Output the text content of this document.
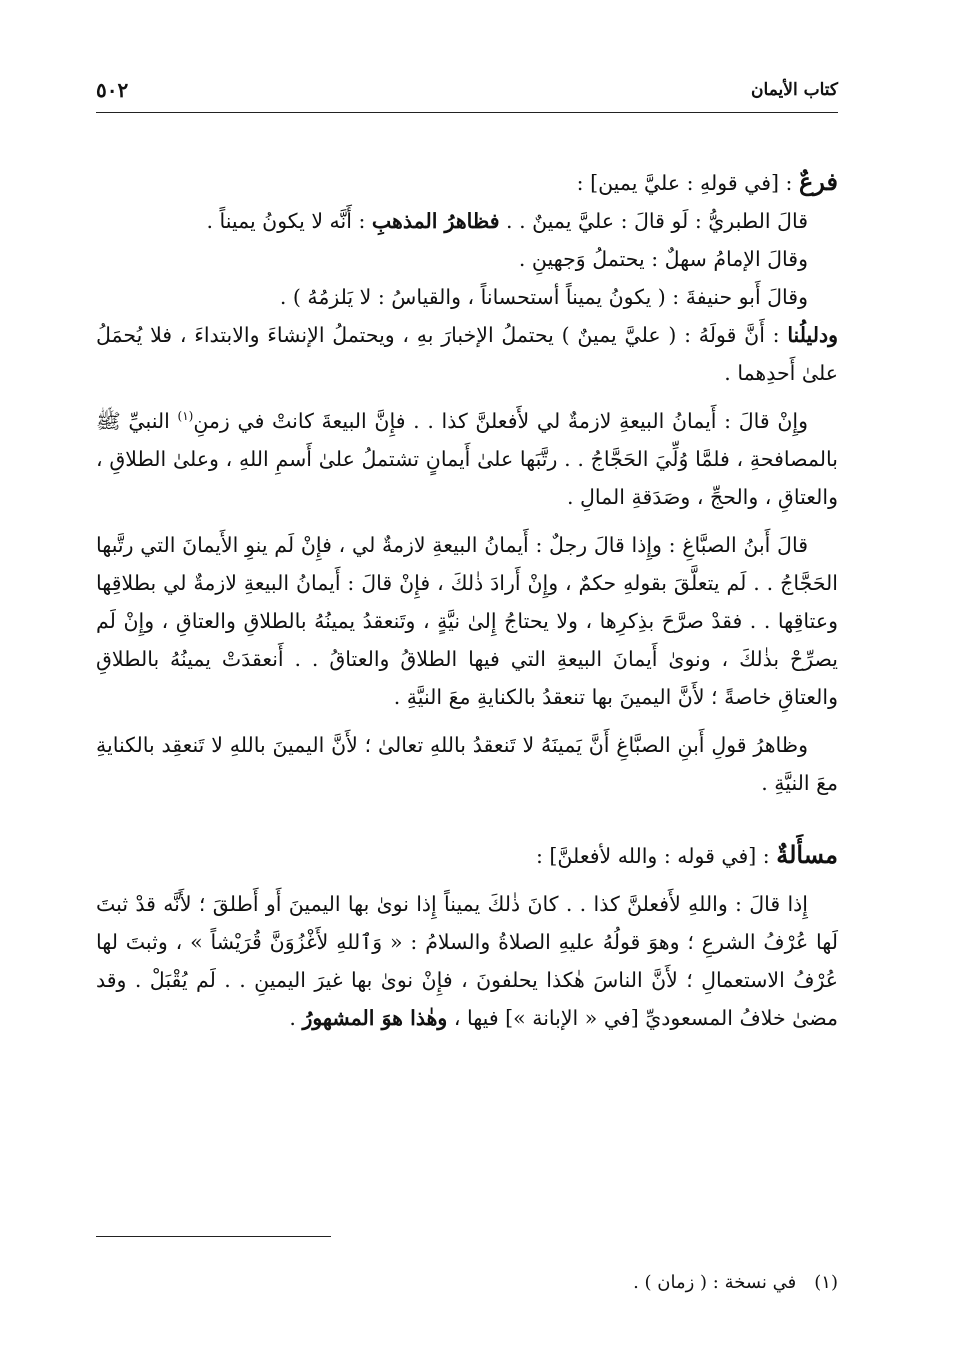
٥٠٢	كتاب الأيمان

فرعٌ : [في قولهِ : عليَّ يمين] :

قالَ الطبريُّ : لَو قالَ : عليَّ يمينٌ . . فظاهرُ المذهبِ : أَنَّه لا يكونُ يميناً .

وقالَ الإمامُ سهلٌ : يحتملُ وَجهينِ .

وقالَ أَبو حنيفةَ : ( يكونُ يميناً أستحساناً ، والقياسُ : لا يَلزمُهُ ) .

ودليلُنا : أَنَّ قولَهُ : ( عليَّ يمينٌ ) يحتملُ الإخبارَ بهِ ، ويحتملُ الإنشاءَ والابتداءَ ، فلا يُحمَلُ علىٰ أَحدِهما .

وإِنْ قالَ : أَيمانُ البيعةِ لازمةٌ لي لأَفعلنَّ كذا . . فإِنَّ البيعةَ كانتْ في زمنِ$^{(١)}$ النبيِّ ﷺ بالمصافحةِ ، فلمَّا وُلِّيَ الحَجَّاجُ . . رتَّبَها علىٰ أَيمانٍ تشتملُ علىٰ أَسمِ اللهِ ، وعلىٰ الطلاقِ ، والعتاقِ ، والحجِّ ، وصَدَقةِ المالِ .

قالَ أَبنُ الصبَّاغِ : وإِذا قالَ رجلٌ : أَيمانُ البيعةِ لازمةٌ لي ، فإِنْ لَم ينوِ الأَيمانَ التي رتَّبها الحَجَّاجُ . . لَم يتعلَّقَ بقولهِ حكمٌ ، وإِنْ أَرادَ ذٰلكَ ، فإِنْ قالَ : أَيمانُ البيعةِ لازمةٌ لي بطلاقِها وعتاقِها . . فقدْ صرَّحَ بذِكرِها ، ولا يحتاجُ إِلىٰ نيَّةٍ ، وتَنعقدُ يمينُهُ بالطلاقِ والعتاقِ ، وإِنْ لَم يصرِّحْ بذٰلكَ ، ونوىٰ أَيمانَ البيعةِ التي فيها الطلاقُ والعتاقُ . . أَنعقدَتْ يمينُهُ بالطلاقِ والعتاقِ خاصةً ؛ لأَنَّ اليمينَ بها تنعقدُ بالكنايةِ معَ النيَّةِ .

وظاهرُ قولِ أَبنِ الصبَّاغِ أَنَّ يَمينَهُ لا تَنعقدُ باللهِ تعالىٰ ؛ لأَنَّ اليمينَ باللهِ لا تَنعقِد بالكنايةِ معَ النيَّةِ .

مسأَلةٌ : [في قوله : والله لأفعلنَّ] :

إِذا قالَ : واللهِ لأَفعلنَّ كذا . . كانَ ذٰلكَ يميناً إِذا نوىٰ بها اليمينَ أَو أَطلقَ ؛ لأَنَّه قدْ ثبتَ لَها عُرْفُ الشرعِ ؛ وهوَ قولُهُ عليهِ الصلاةُ والسلامُ : « وَٱللهِ لأَغْزُوَنَّ قُرَيْشاً » ، وثبتَ لها عُرْفُ الاستعمالِ ؛ لأَنَّ الناسَ هٰكذا يحلفونَ ، فإِنْ نوىٰ بها غيرَ اليمينِ . . لَم يُقْبَلْ . وقد مضىٰ خلافُ المسعوديِّ [في « الإبانة »] فيها ، وهٰذا هوَ المشهورُ .

(١)في نسخة : ( زمان ) .
